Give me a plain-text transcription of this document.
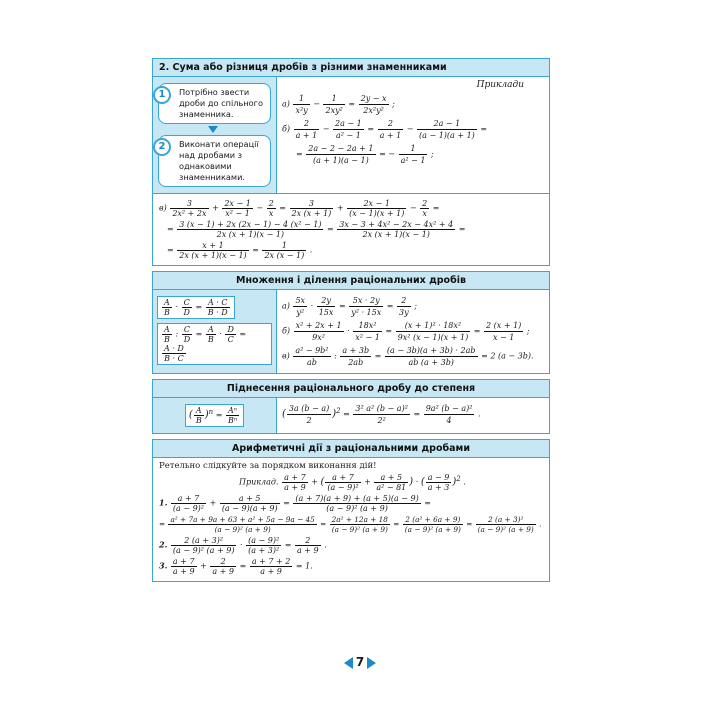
2. Сума або різниця дробів з різними знаменниками
1	Потрібно звести дроби до спільного знаменника.
2	Виконати операції над дробами з однаковими знаменниками.
Приклади
$а) \frac{1}{\text{x²y}} - \frac{1}{\text{2xy²}} = \frac{2y - x}{\text{2x²y²}}$ ;
$б) \frac{2}{a + 1} - \frac{2a - 1}{\text{a² − 1}} = \frac{2}{a + 1} - \frac{2a - 1}{(a - 1)(a + 1)}$ =
= $\frac{2a - 2 - 2a + 1}{(a + 1)(a - 1)}$ = − $\frac{1}{\text{a² − 1}}$ ;
$в) \frac{3}{\text{2x² + 2x}} + \frac{2x - 1}{\text{x² − 1}} - \frac{2}{x} = \frac{3}{2x (x + 1)} + \frac{2x - 1}{(x - 1)(x + 1)} - \frac{2}{x}$ =
= $\frac{\text{3 (x − 1) + 2x (2x − 1) − 4 (x² − 1)}}{2x (x + 1)(x - 1)} = \frac{\text{3x − 3 + 4x² − 2x − 4x² + 4}}{2x (x + 1)(x - 1)}$ =
= $\frac{x + 1}{2x (x + 1)(x - 1)} = \frac{1}{2x (x - 1)}$ .
Множення і ділення раціональних дробів
$\frac{A}{B} \cdot \frac{C}{D} = \frac{A \cdot C}{B \cdot D}$

$\frac{A}{B}$ : $\frac{C}{D} = \frac{A}{B} \cdot \frac{D}{C}$ =
$\frac{A \cdot D}{B \cdot C}$
$а) \frac{5x}{\text{y²}} \cdot \frac{2y}{15x} = \frac{5x \cdot 2y}{\text{y² · 15x}} = \frac{2}{3y}$ ;
$б) \frac{\text{x² + 2x + 1}}{\text{9x²}} \cdot \frac{\text{18x²}}{\text{x² − 1}} = \frac{\text{(x + 1)² · 18x²}}{\text{9x² (x − 1)(x + 1)}} = \frac{2 (x + 1)}{x - 1}$ ;
$в) \frac{\text{a² − 9b²}}{ab}$ : $\frac{a + 3b}{2ab} = \frac{(a - 3b)(a + 3b) \cdot 2ab}{ab (a + 3b)} = 2$ (a − 3b).
Піднесення раціонального дробу до степеня
( $\frac{A}{B} )^n = \frac{\text{Aⁿ}}{\text{Bⁿ}}$	( $\frac{3a (b - a)}{2} )^2 = \frac{\text{3² a² (b − a)²}}{\text{2²}} = \frac{\text{9a² (b − a)²}}{4}$ .
Арифметичні дії з раціональними дробами
Ретельно слідкуйте за порядком виконання дій!
Приклад. $\frac{a + 7}{a + 9}$ + ( $\frac{a + 7}{\text{(a − 9)²}} + \frac{a + 5}{\text{a² − 81}}$ ) · ( $\frac{a - 9}{a + 3} )^2$ .
1. $\frac{a + 7}{\text{(a − 9)²}} + \frac{a + 5}{(a - 9)(a + 9)} = \frac{(a + 7)(a + 9) + (a + 5)(a - 9)}{\text{(a − 9)² (a + 9)}}$ =
= $\frac{\text{a² + 7a + 9a + 63 + a² + 5a − 9a − 45}}{\text{(a − 9)² (a + 9)}} = \frac{\text{2a² + 12a + 18}}{\text{(a − 9)² (a + 9)}} = \frac{\text{2 (a² + 6a + 9)}}{\text{(a − 9)² (a + 9)}} = \frac{\text{2 (a + 3)²}}{\text{(a − 9)² (a + 9)}}$ .
2. $\frac{\text{2 (a + 3)²}}{\text{(a − 9)² (a + 9)}} \cdot \frac{\text{(a − 9)²}}{\text{(a + 3)²}} = \frac{2}{a + 9}$ .
3. $\frac{a + 7}{a + 9} + \frac{2}{a + 9} = \frac{a + 7 + 2}{a + 9} = 1$.
7
